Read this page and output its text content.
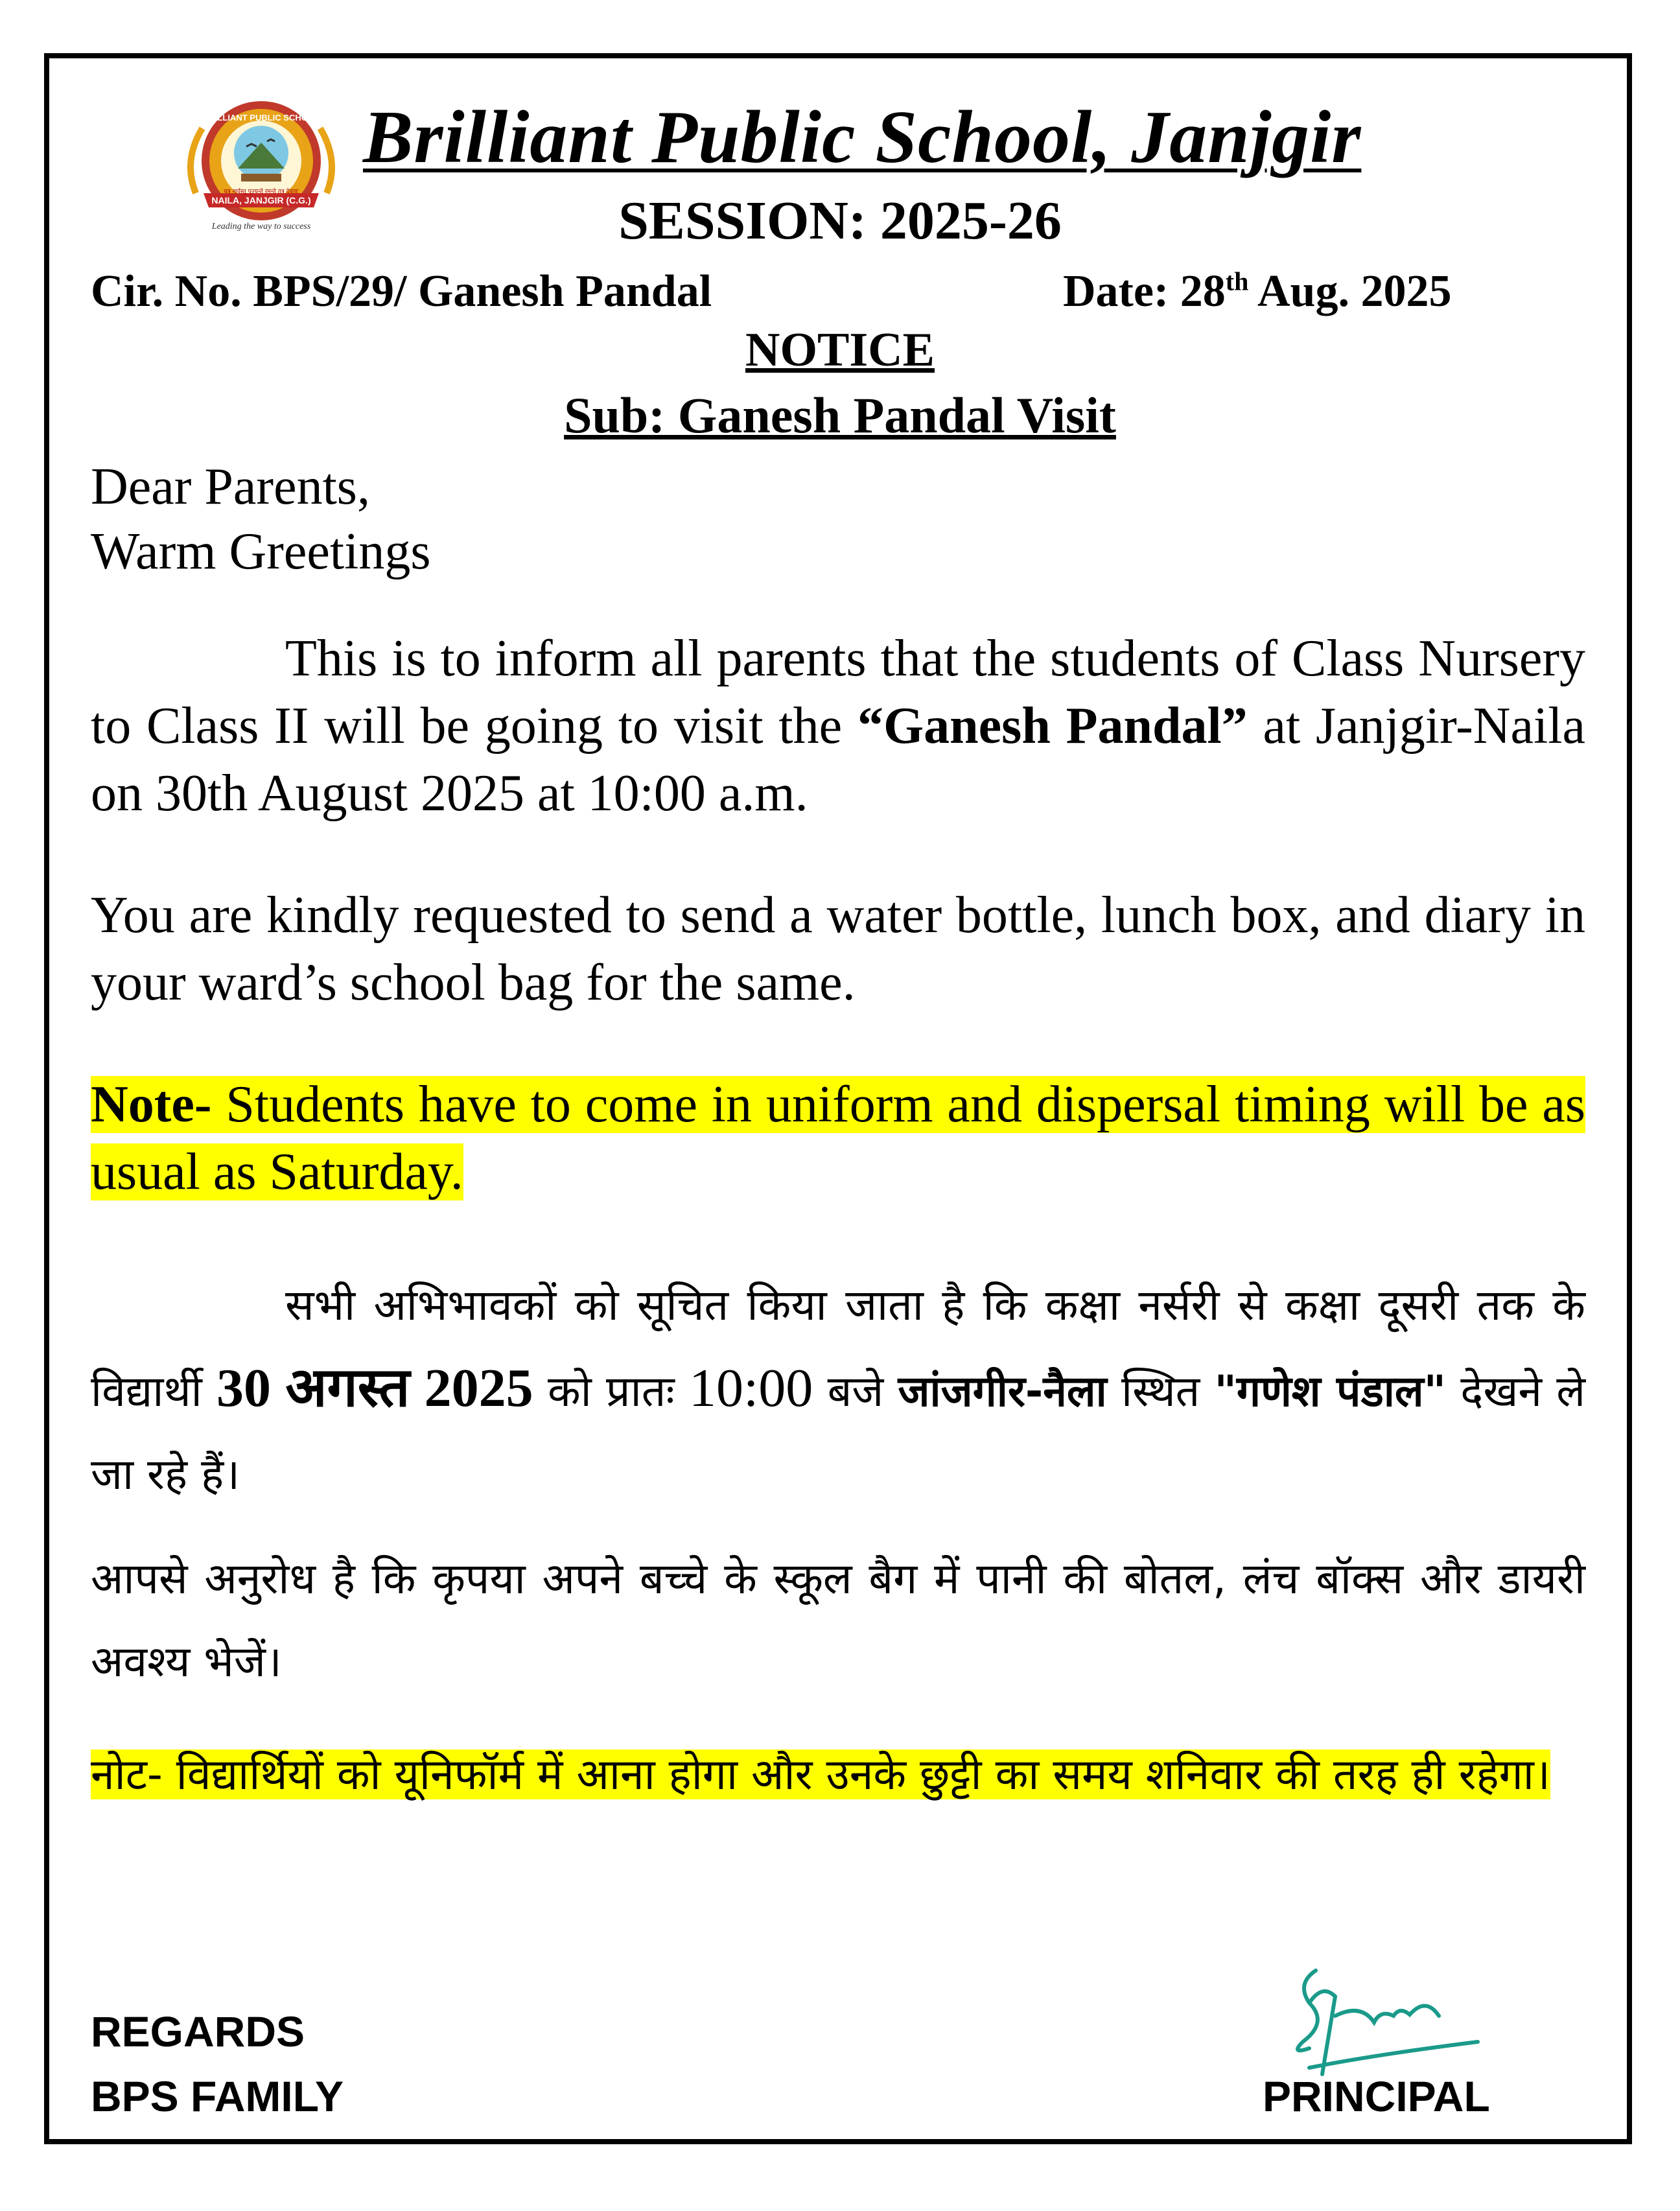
NAILA, JANJGIR (C.G.)
Leading the way to success
BRILLIANT PUBLIC SCHOOL
यत्र नार्यस्तु पूज्यन्ते रमन्ते तत्र देवताः
Brilliant Public School, Janjgir
SESSION: 2025-26
Cir. No. BPS/29/ Ganesh Pandal	Date: 28th Aug. 2025
NOTICE
Sub: Ganesh Pandal Visit
Dear Parents,
Warm Greetings
This is to inform all parents that the students of Class Nursery to Class II will be going to visit the “Ganesh Pandal” at Janjgir-Naila on 30th August 2025 at 10:00 a.m.
You are kindly requested to send a water bottle, lunch box, and diary in your ward’s school bag for the same.
Note- Students have to come in uniform and dispersal timing will be as usual as Saturday.
सभी अभिभावकों को सूचित किया जाता है कि कक्षा नर्सरी से कक्षा दूसरी तक के विद्यार्थी 30 अगस्त 2025 को प्रातः 10:00 बजे जांजगीर-नैला स्थित "गणेश पंडाल" देखने ले जा रहे हैं।
आपसे अनुरोध है कि कृपया अपने बच्चे के स्कूल बैग में पानी की बोतल, लंच बॉक्स और डायरी अवश्य भेजें।
नोट- विद्यार्थियों को यूनिफॉर्म में आना होगा और उनके छुट्टी का समय शनिवार की तरह ही रहेगा।
REGARDS
BPS FAMILY	PRINCIPAL
